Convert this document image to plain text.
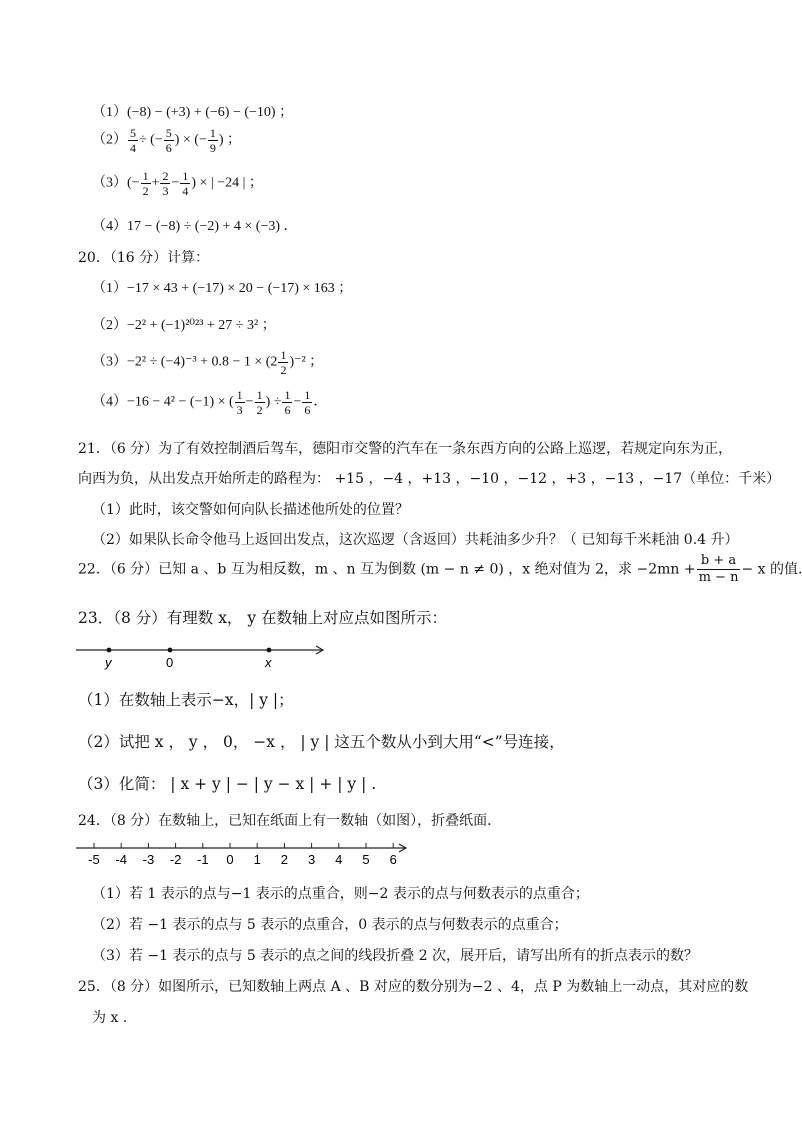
（1）(−8) − (+3) + (−6) − (−10) ；
$(2) \frac{5}{4}$ ÷ (− $\frac{5}{6}$ ) × (− $\frac{1}{9}$ ) ；
$(3)(- \frac{1}{2} + \frac{2}{3} - \frac{1}{4}$ ) × | −24 | ；
（4）17 − (−8) ÷ (−2) + 4 × (−3) ．
20．（16 分）计算：
（1）−17 × 43 + (−17) × 20 − (−17) × 163 ；
（2）−2² + (−1)²⁰²³ + 27 ÷ 3² ；
$(3)-2^2 \div (-4)^{-3} + 0.8 - 1 \times (2 \frac{1}{2} )^{-2}$ ；
（4）−16 − 4² − (−1) × ( $\frac{1}{3} - \frac{1}{2}$ ) ÷ $\frac{1}{6} - \frac{1}{6}$ ．
21．（6 分）为了有效控制酒后驾车，德阳市交警的汽车在一条东西方向的公路上巡逻，若规定向东为正，
向西为负，从出发点开始所走的路程为： +15 ，−4 ，+13 ，−10 ，−12 ，+3 ，−13 ，−17（单位：千米）
（1）此时，该交警如何向队长描述他所处的位置？
（2）如果队长命令他马上返回出发点，这次巡逻（含返回）共耗油多少升？（ 已知每千米耗油 0.4 升）
22．（6 分）已知 a 、b 互为相反数，m 、n 互为倒数 (m − n ≠ 0) ，x 绝对值为 2，求 $-2mn + \frac{b + a}{m - n} - x$ 的值.
23．（8 分）有理数 x， y 在数轴上对应点如图所示：
y	0	x
（1）在数轴上表示−x，| y |；
（2）试把 x ， y ， 0， −x ， | y | 这五个数从小到大用“<”号连接，
（3）化简： | x + y | − | y − x | + | y | .
24．（8 分）在数轴上，已知在纸面上有一数轴（如图），折叠纸面．
-5 -4 -3 -2 -1 0 1 2 3 4 5 6
（1）若 1 表示的点与−1 表示的点重合，则−2 表示的点与何数表示的点重合；
（2）若 −1 表示的点与 5 表示的点重合，0 表示的点与何数表示的点重合；
（3）若 −1 表示的点与 5 表示的点之间的线段折叠 2 次，展开后，请写出所有的折点表示的数？
25．（8 分）如图所示，已知数轴上两点 A 、B 对应的数分别为−2 、4，点 P 为数轴上一动点，其对应的数
为 x .
